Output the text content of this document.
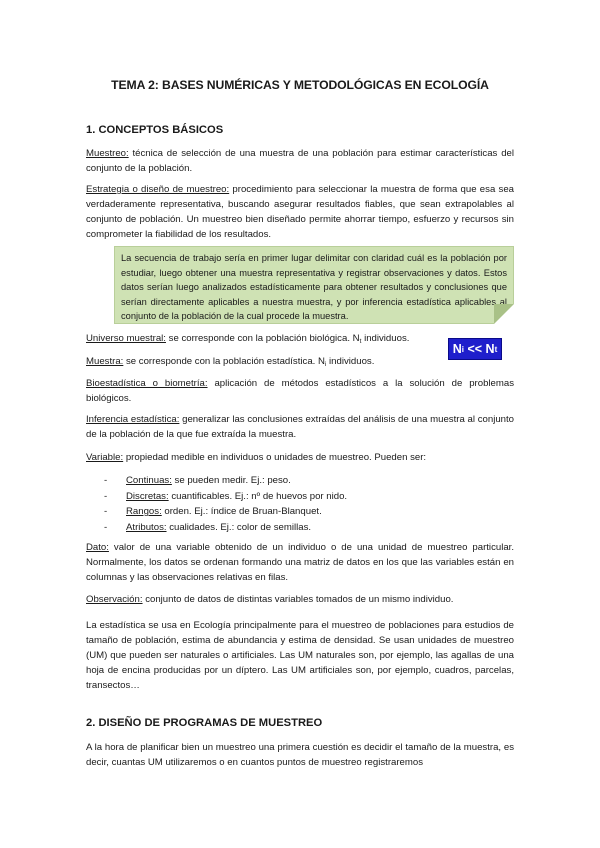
TEMA 2: BASES NUMÉRICAS Y METODOLÓGICAS EN ECOLOGÍA
1. CONCEPTOS BÁSICOS
Muestreo: técnica de selección de una muestra de una población para estimar características del conjunto de la población.
Estrategia o diseño de muestreo: procedimiento para seleccionar la muestra de forma que esa sea verdaderamente representativa, buscando asegurar resultados fiables, que sean extrapolables al conjunto de población. Un muestreo bien diseñado permite ahorrar tiempo, esfuerzo y recursos sin comprometer la fiabilidad de los resultados.
La secuencia de trabajo sería en primer lugar delimitar con claridad cuál es la población por estudiar, luego obtener una muestra representativa y registrar observaciones y datos. Estos datos serían luego analizados estadísticamente para obtener resultados y conclusiones que serían directamente aplicables a nuestra muestra, y por inferencia estadística aplicables al conjunto de la población de la cual procede la muestra.
Universo muestral: se corresponde con la población biológica. $N_t$ individuos.
N i << N t
Muestra: se corresponde con la población estadística. $N_i$ individuos.
Bioestadística o biometría: aplicación de métodos estadísticos a la solución de problemas biológicos.
Inferencia estadística: generalizar las conclusiones extraídas del análisis de una muestra al conjunto de la población de la que fue extraída la muestra.
Variable: propiedad medible en individuos o unidades de muestreo. Pueden ser:
- Continuas: se pueden medir. Ej.: peso.
- Discretas: cuantificables. Ej.: nº de huevos por nido.
- Rangos: orden. Ej.: índice de Bruan-Blanquet.
- Atributos: cualidades. Ej.: color de semillas.
Dato: valor de una variable obtenido de un individuo o de una unidad de muestreo particular. Normalmente, los datos se ordenan formando una matriz de datos en los que las variables están en columnas y las observaciones relativas en filas.
Observación: conjunto de datos de distintas variables tomados de un mismo individuo.
La estadística se usa en Ecología principalmente para el muestreo de poblaciones para estudios de tamaño de población, estima de abundancia y estima de densidad. Se usan unidades de muestreo (UM) que pueden ser naturales o artificiales. Las UM naturales son, por ejemplo, las agallas de una hoja de encina producidas por un díptero. Las UM artificiales son, por ejemplo, cuadros, parcelas, transectos…
2. DISEÑO DE PROGRAMAS DE MUESTREO
A la hora de planificar bien un muestreo una primera cuestión es decidir el tamaño de la muestra, es decir, cuantas UM utilizaremos o en cuantos puntos de muestreo registraremos
